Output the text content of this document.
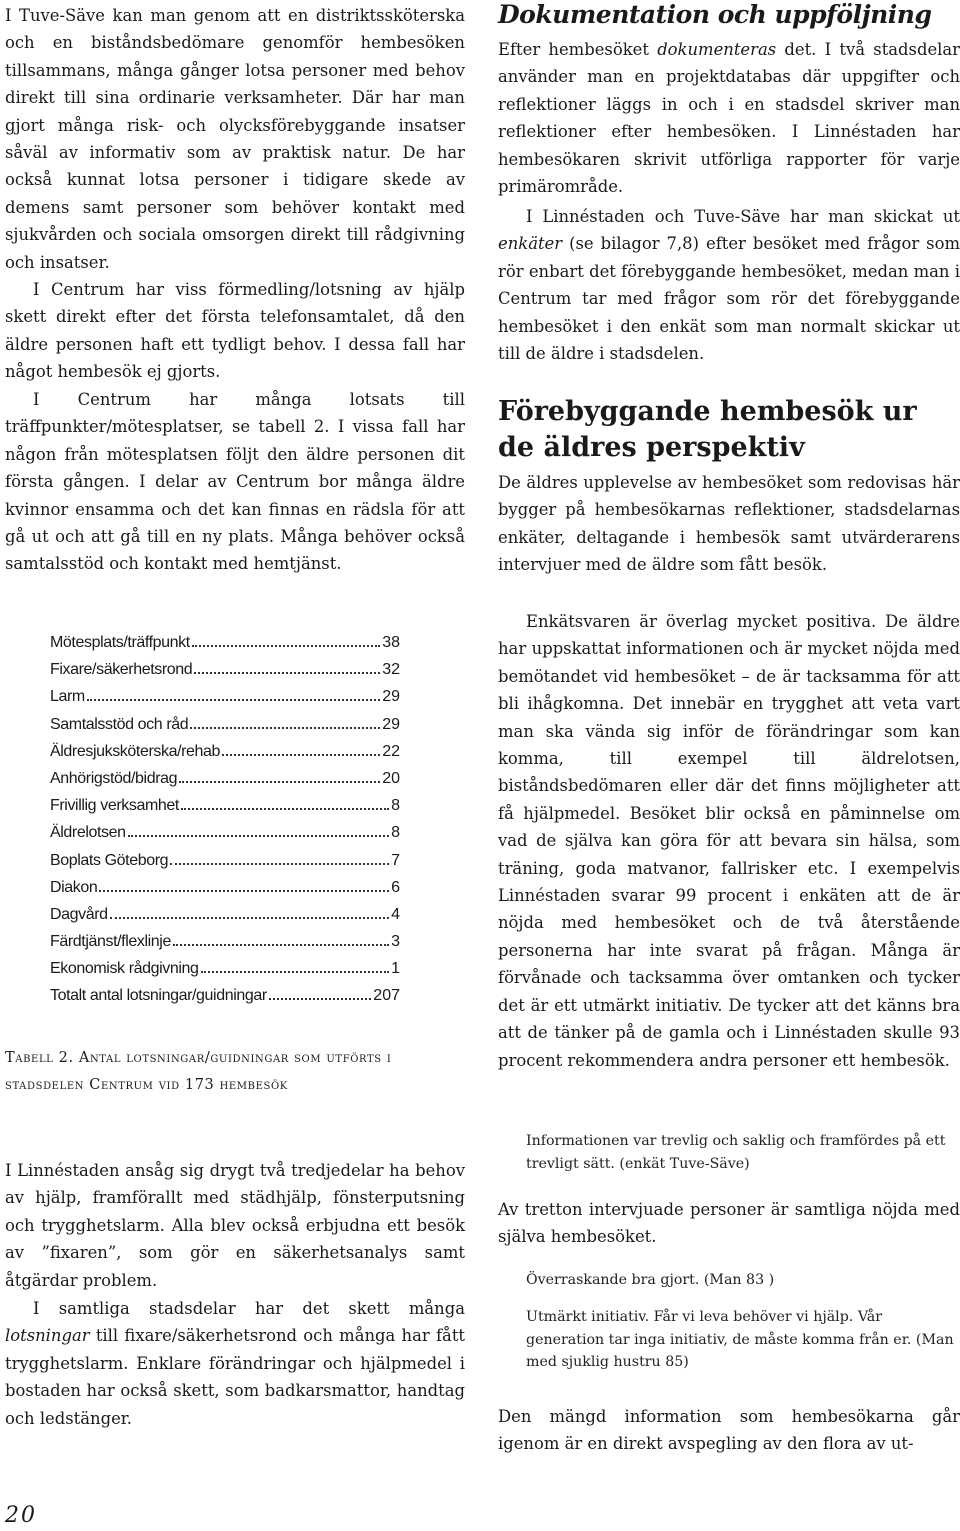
I Tuve-Säve kan man genom att en distriktssköterska och en biståndsbedömare genomför hembesöken tillsammans, många gånger lotsa personer med behov direkt till sina ordinarie verksamheter. Där har man gjort många risk- och olycksförebyggande insatser såväl av informativ som av praktisk natur. De har också kunnat lotsa personer i tidigare skede av demens samt personer som behöver kontakt med sjukvården och sociala omsorgen direkt till rådgivning och insatser.

I Centrum har viss förmedling/lotsning av hjälp skett direkt efter det första telefonsamtalet, då den äldre personen haft ett tydligt behov. I dessa fall har något hembesök ej gjorts.

I Centrum har många lotsats till träffpunkter/mötesplatser, se tabell 2. I vissa fall har någon från mötesplatsen följt den äldre personen dit första gången. I delar av Centrum bor många äldre kvinnor ensamma och det kan finnas en rädsla för att gå ut och att gå till en ny plats. Många behöver också samtalsstöd och kontakt med hemtjänst.

Mötesplats/träffpunkt	38
Fixare/säkerhetsrond	32
Larm	29
Samtalsstöd och råd	29
Äldresjuksköterska/rehab	22
Anhörigstöd/bidrag	20
Frivillig verksamhet	8
Äldrelotsen	8
Boplats Göteborg	7
Diakon	6
Dagvård	4
Färdtjänst/flexlinje	3
Ekonomisk rådgivning	1
Totalt antal lotsningar/guidningar	207
Tabell 2. Antal lotsningar/guidningar som utförts i stadsdelen Centrum vid 173 hembesök

I Linnéstaden ansåg sig drygt två tredjedelar ha behov av hjälp, framförallt med städhjälp, fönsterputsning och trygghetslarm. Alla blev också erbjudna ett besök av ”fixaren”, som gör en säkerhetsanalys samt åtgärdar problem.

I samtliga stadsdelar har det skett många lotsningar till fixare/säkerhetsrond och många har fått trygghetslarm. Enklare förändringar och hjälpmedel i bostaden har också skett, som badkarsmattor, handtag och ledstänger.

Dokumentation och uppföljning

Efter hembesöket dokumenteras det. I två stadsdelar använder man en projektdatabas där uppgifter och reflektioner läggs in och i en stadsdel skriver man reflektioner efter hembesöken. I Linnéstaden har hembesökaren skrivit utförliga rapporter för varje primärområde.

I Linnéstaden och Tuve-Säve har man skickat ut enkäter (se bilagor 7,8) efter besöket med frågor som rör enbart det förebyggande hembesöket, medan man i Centrum tar med frågor som rör det förebyggande hembesöket i den enkät som man normalt skickar ut till de äldre i stadsdelen.

Förebyggande hembesök ur de äldres perspektiv

De äldres upplevelse av hembesöket som redovisas här bygger på hembesökarnas reflektioner, stadsdelarnas enkäter, deltagande i hembesök samt utvärderarens intervjuer med de äldre som fått besök.

Enkätsvaren är överlag mycket positiva. De äldre har uppskattat informationen och är mycket nöjda med bemötandet vid hembesöket – de är tacksamma för att bli ihågkomna. Det innebär en trygghet att veta vart man ska vända sig inför de förändringar som kan komma, till exempel till äldrelotsen, biståndsbedömaren eller där det finns möjligheter att få hjälpmedel. Besöket blir också en påminnelse om vad de själva kan göra för att bevara sin hälsa, som träning, goda matvanor, fallrisker etc. I exempelvis Linnéstaden svarar 99 procent i enkäten att de är nöjda med hembesöket och de två återstående personerna har inte svarat på frågan. Många är förvånade och tacksamma över omtanken och tycker det är ett utmärkt initiativ. De tycker att det känns bra att de tänker på de gamla och i Linnéstaden skulle 93 procent rekommendera andra personer ett hembesök.

Informationen var trevlig och saklig och framfördes på ett trevligt sätt. (enkät Tuve-Säve)

Av tretton intervjuade personer är samtliga nöjda med själva hembesöket.

Överraskande bra gjort. (Man 83 )
Utmärkt initiativ. Får vi leva behöver vi hjälp. Vår generation tar inga initiativ, de måste komma från er. (Man med sjuklig hustru 85)

Den mängd information som hembesökarna går igenom är en direkt avspegling av den flora av ut-

20
